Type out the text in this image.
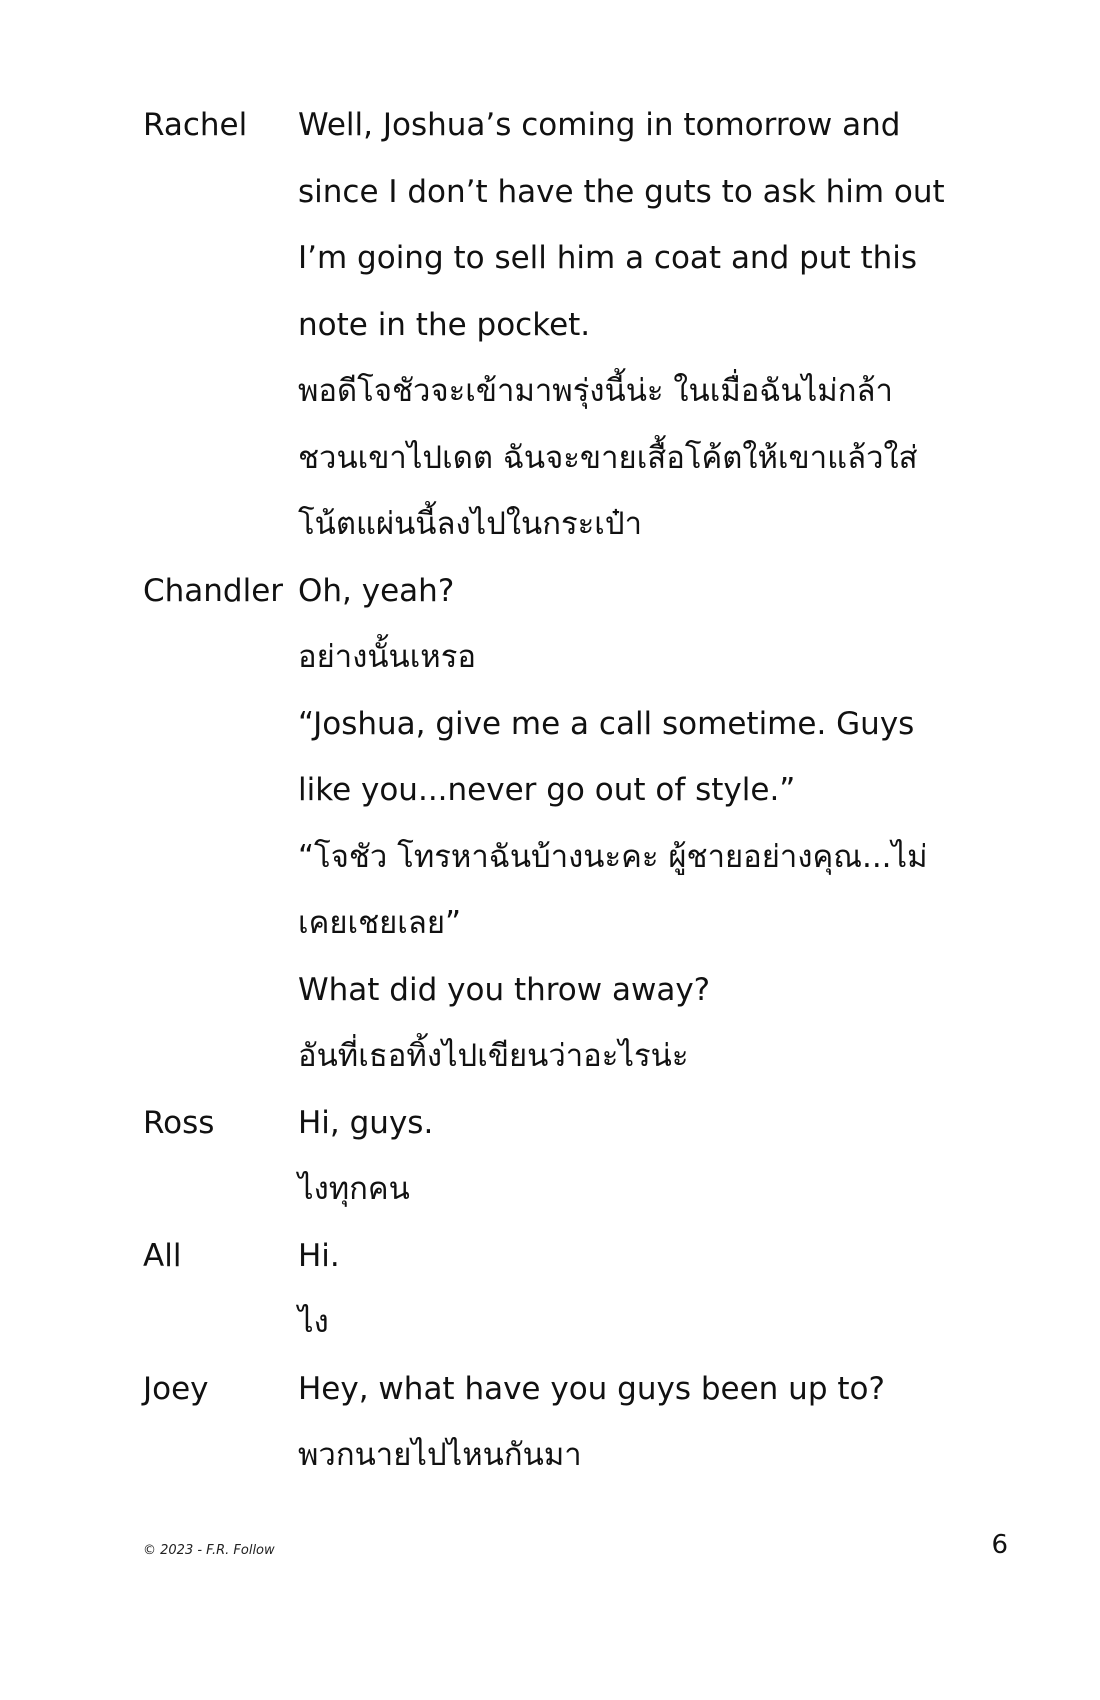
Rachel	Well, Joshua’s coming in tomorrow and
since I don’t have the guts to ask him out
I’m going to sell him a coat and put this
note in the pocket.
พอดีโจชัวจะเข้ามาพรุ่งนี้น่ะ ในเมื่อฉันไม่กล้า
ชวนเขาไปเดต ฉันจะขายเสื้อโค้ตให้เขาแล้วใส่
โน้ตแผ่นนี้ลงไปในกระเป๋า
Chandler Oh, yeah?
อย่างนั้นเหรอ
“Joshua, give me a call sometime. Guys
like you...never go out of style.”
“โจชัว โทรหาฉันบ้างนะคะ ผู้ชายอย่างคุณ...ไม่
เคยเชยเลย”
What did you throw away?
อันที่เธอทิ้งไปเขียนว่าอะไรน่ะ
Ross	Hi, guys.
ไงทุกคน
All	Hi.
ไง
Joey	Hey, what have you guys been up to?
พวกนายไปไหนกันมา
© 2023 - F.R. Follow	6
